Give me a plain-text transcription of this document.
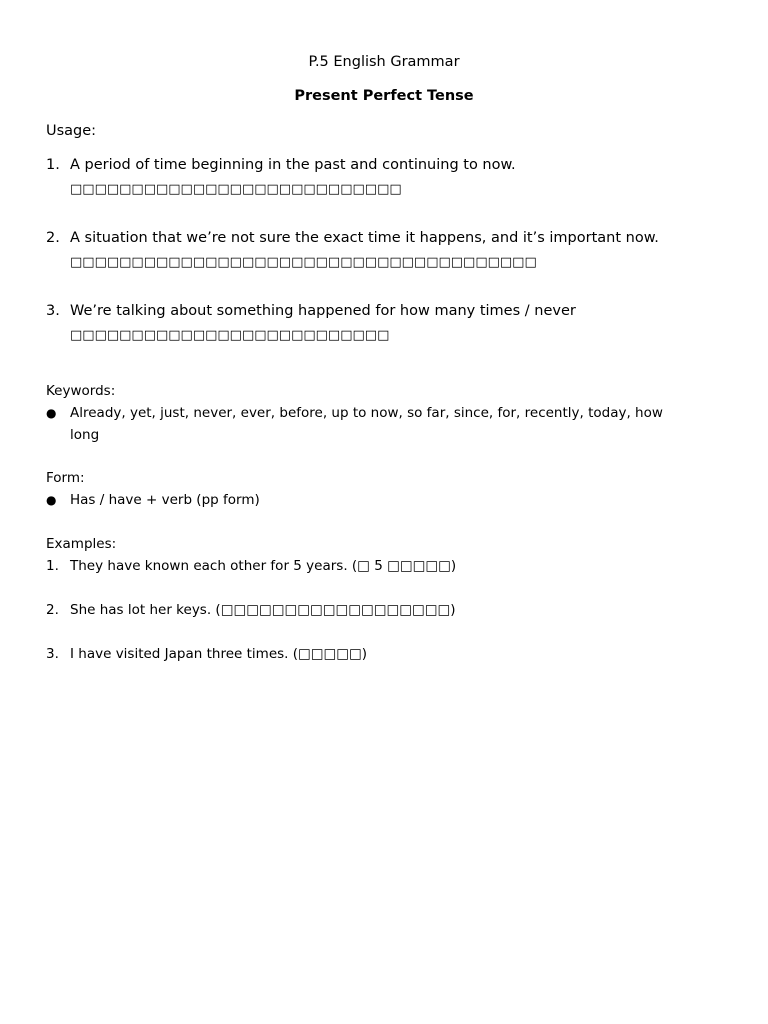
P.5 English Grammar
Present Perfect Tense
Usage:
1. A period of time beginning in the past and continuing to now.
□□□□□□□□□□□□□□□□□□□□□□□□□□□
2. A situation that we’re not sure the exact time it happens, and it’s important now.
□□□□□□□□□□□□□□□□□□□□□□□□□□□□□□□□□□□□□□
3. We’re talking about something happened for how many times / never
□□□□□□□□□□□□□□□□□□□□□□□□□□
Keywords:
● Already, yet, just, never, ever, before, up to now, so far, since, for, recently, today, how
long
Form:
● Has / have + verb (pp form)
Examples:
1. They have known each other for 5 years. (□ 5 □□□□□)
2. She has lot her keys. (□□□□□□□□□□□□□□□□□□)
3. I have visited Japan three times. (□□□□□)
